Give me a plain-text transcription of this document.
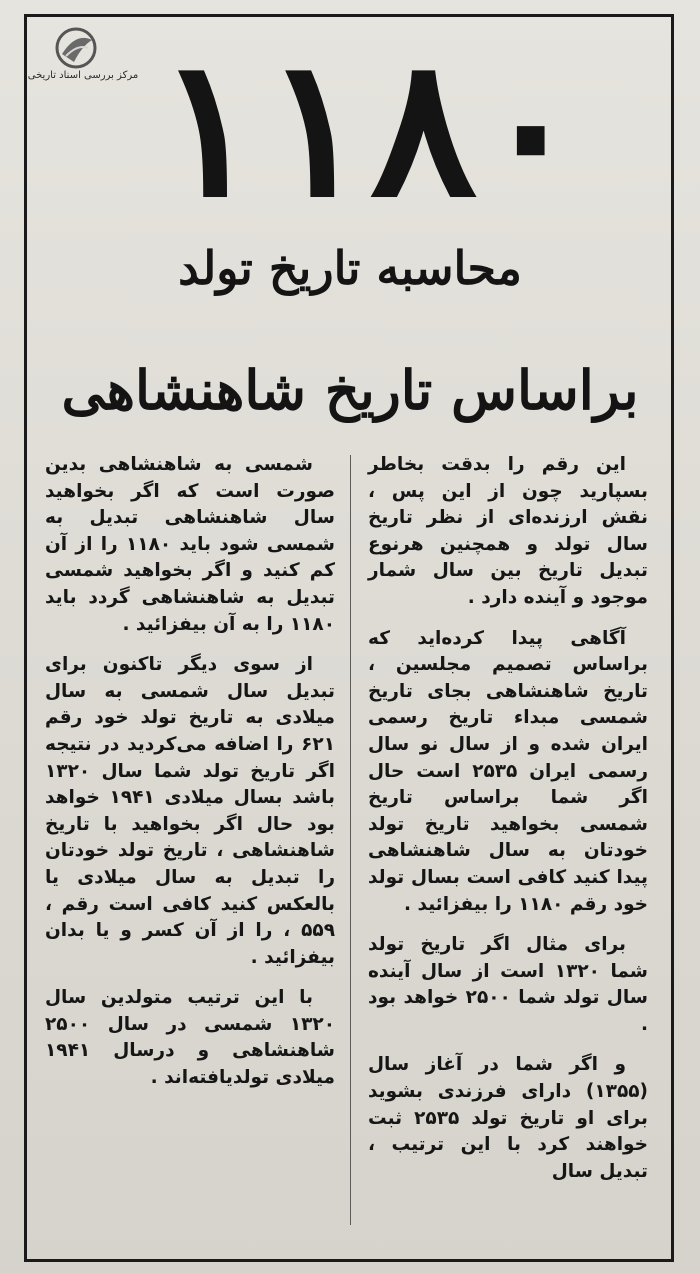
مرکز بررسی اسناد تاریخی ۱۱۸۰
محاسبه تاریخ تولد
براساس تاریخ شاهنشاهی

این رقم را بدقت بخاطر بسپارید چون از این پس ، نقش ارزنده‌ای از نظر تاریخ سال تولد و همچنین هرنوع تبدیل تاریخ بین سال شمار موجود و آینده دارد .

آگاهی پیدا کرده‌اید که براساس تصمیم مجلسین ، تاریخ شاهنشاهی بجای تاریخ شمسی مبداء تاریخ رسمی ایران شده و از سال نو سال رسمی ایران ۲۵۳۵ است حال اگر شما براساس تاریخ شمسی بخواهید تاریخ تولد خودتان به سال شاهنشاهی پیدا کنید کافی است بسال تولد خود رقم ۱۱۸۰ را بیفزائید .

برای مثال اگر تاریخ تولد شما ۱۳۲۰ است از سال آینده سال تولد شما ۲۵۰۰ خواهد بود .

و اگر شما در آغاز سال (۱۳۵۵) دارای فرزندی بشوید برای او تاریخ تولد ۲۵۳۵ ثبت خواهند کرد با این ترتیب ، تبدیل سال

شمسی به شاهنشاهی بدین صورت است که اگر بخواهید سال شاهنشاهی تبدیل به شمسی شود باید ۱۱۸۰ را از آن کم کنید و اگر بخواهید شمسی تبدیل به شاهنشاهی گردد باید ۱۱۸۰ را به آن بیفزائید .

از سوی دیگر تاکنون برای تبدیل سال شمسی به سال میلادی به تاریخ تولد خود رقم ۶۲۱ را اضافه می‌کردید در نتیجه اگر تاریخ تولد شما سال ۱۳۲۰ باشد بسال میلادی ۱۹۴۱ خواهد بود حال اگر بخواهید با تاریخ شاهنشاهی ، تاریخ تولد خودتان را تبدیل به سال میلادی یا بالعکس کنید کافی است رقم ، ۵۵۹ ، را از آن کسر و یا بدان بیفزائید .

با این ترتیب متولدین سال ۱۳۲۰ شمسی در سال ۲۵۰۰ شاهنشاهی و درسال ۱۹۴۱ میلادی تولدیافته‌اند .
